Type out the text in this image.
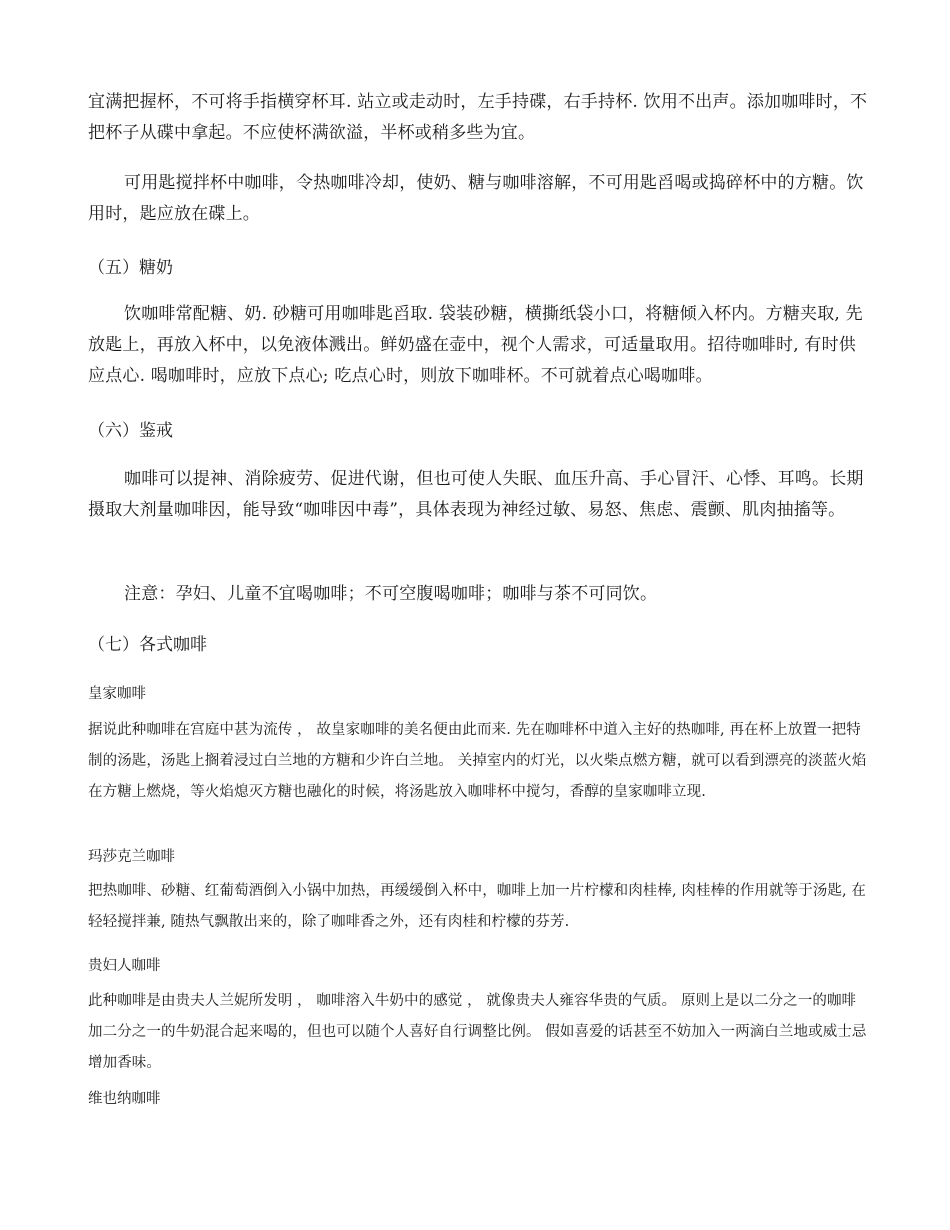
宜满把握杯，不可将手指横穿杯耳. 站立或走动时，左手持碟，右手持杯. 饮用不出声。添加咖啡时，不把杯子从碟中拿起。不应使杯满欲溢，半杯或稍多些为宜。

可用匙搅拌杯中咖啡，令热咖啡冷却，使奶、糖与咖啡溶解，不可用匙舀喝或捣碎杯中的方糖。饮用时，匙应放在碟上。

（五）糖奶

饮咖啡常配糖、奶. 砂糖可用咖啡匙舀取. 袋装砂糖，横撕纸袋小口，将糖倾入杯内。方糖夹取, 先放匙上，再放入杯中，以免液体溅出。鲜奶盛在壶中，视个人需求，可适量取用。招待咖啡时, 有时供应点心. 喝咖啡时，应放下点心; 吃点心时，则放下咖啡杯。不可就着点心喝咖啡。

（六）鉴戒

咖啡可以提神、消除疲劳、促进代谢，但也可使人失眠、血压升高、手心冒汗、心悸、耳鸣。长期摄取大剂量咖啡因，能导致“咖啡因中毒”，具体表现为神经过敏、易怒、焦虑、震颤、肌肉抽搐等。

注意：孕妇、儿童不宜喝咖啡；不可空腹喝咖啡；咖啡与茶不可同饮。

（七）各式咖啡
皇家咖啡

据说此种咖啡在宫庭中甚为流传 ， 故皇家咖啡的美名便由此而来. 先在咖啡杯中道入主好的热咖啡, 再在杯上放置一把特制的汤匙，汤匙上搁着浸过白兰地的方糖和少许白兰地。 关掉室内的灯光，以火柴点燃方糖，就可以看到漂亮的淡蓝火焰在方糖上燃烧，等火焰熄灭方糖也融化的时候，将汤匙放入咖啡杯中搅匀，香醇的皇家咖啡立现.

玛莎克兰咖啡

把热咖啡、砂糖、红葡萄酒倒入小锅中加热，再缓缓倒入杯中，咖啡上加一片柠檬和肉桂棒, 肉桂棒的作用就等于汤匙, 在轻轻搅拌兼, 随热气飘散出来的，除了咖啡香之外，还有肉桂和柠檬的芬芳.

贵妇人咖啡

此种咖啡是由贵夫人兰妮所发明 ， 咖啡溶入牛奶中的感觉 ， 就像贵夫人雍容华贵的气质。 原则上是以二分之一的咖啡加二分之一的牛奶混合起来喝的，但也可以随个人喜好自行调整比例。 假如喜爱的话甚至不妨加入一两滴白兰地或威士忌增加香味。

维也纳咖啡
